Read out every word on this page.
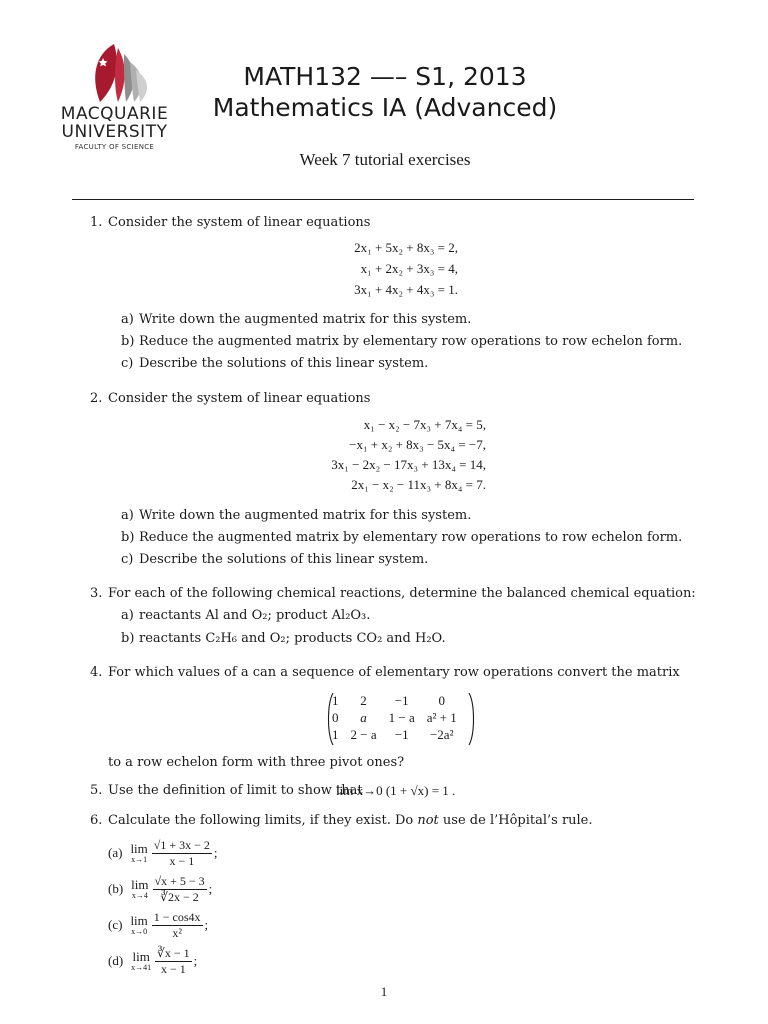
MACQUARIE
UNIVERSITY
FACULTY OF SCIENCE
MATH132 —– S1, 2013
Mathematics IA (Advanced)
Week 7 tutorial exercises
1. Consider the system of linear equations
2x₁ + 5x₂ + 8x₃ = 2,
x₁ + 2x₂ + 3x₃ = 4,
3x₁ + 4x₂ + 4x₃ = 1.
a) Write down the augmented matrix for this system.
b) Reduce the augmented matrix by elementary row operations to row echelon form.
c) Describe the solutions of this linear system.
2. Consider the system of linear equations
x₁ − x₂ − 7x₃ + 7x₄ = 5,
−x₁ + x₂ + 8x₃ − 5x₄ = −7,
3x₁ − 2x₂ − 17x₃ + 13x₄ = 14,
2x₁ − x₂ − 11x₃ + 8x₄ = 7.
a) Write down the augmented matrix for this system.
b) Reduce the augmented matrix by elementary row operations to row echelon form.
c) Describe the solutions of this linear system.
3. For each of the following chemical reactions, determine the balanced chemical equation:
a) reactants Al and O₂; product Al₂O₃.
b) reactants C₂H₆ and O₂; products CO₂ and H₂O.
4. For which values of a can a sequence of elementary row operations convert the matrix
1	2	−1	0
0	a	1 − a	a² + 1
1	2 − a	−1	−2a²
to a row echelon form with three pivot ones?
5. Use the definition of limit to show that
lim x→0 (1 + √x) = 1 .
6. Calculate the following limits, if they exist. Do not use de l’Hôpital’s rule.
(a) lim
$x\to 1 \frac{√1 + 3x - 2}{x - 1}$ ;
(b) lim
$x\to 4 \frac{√x + 5 - 3}{∛2x - 2}$ ;
(c) lim
$x\to 0 \frac{1 - \cos 4x}{\text{x²}}$ ;
(d) lim
$x\to 41 \frac{∛x - 1}{x - 1}$ ;
1
